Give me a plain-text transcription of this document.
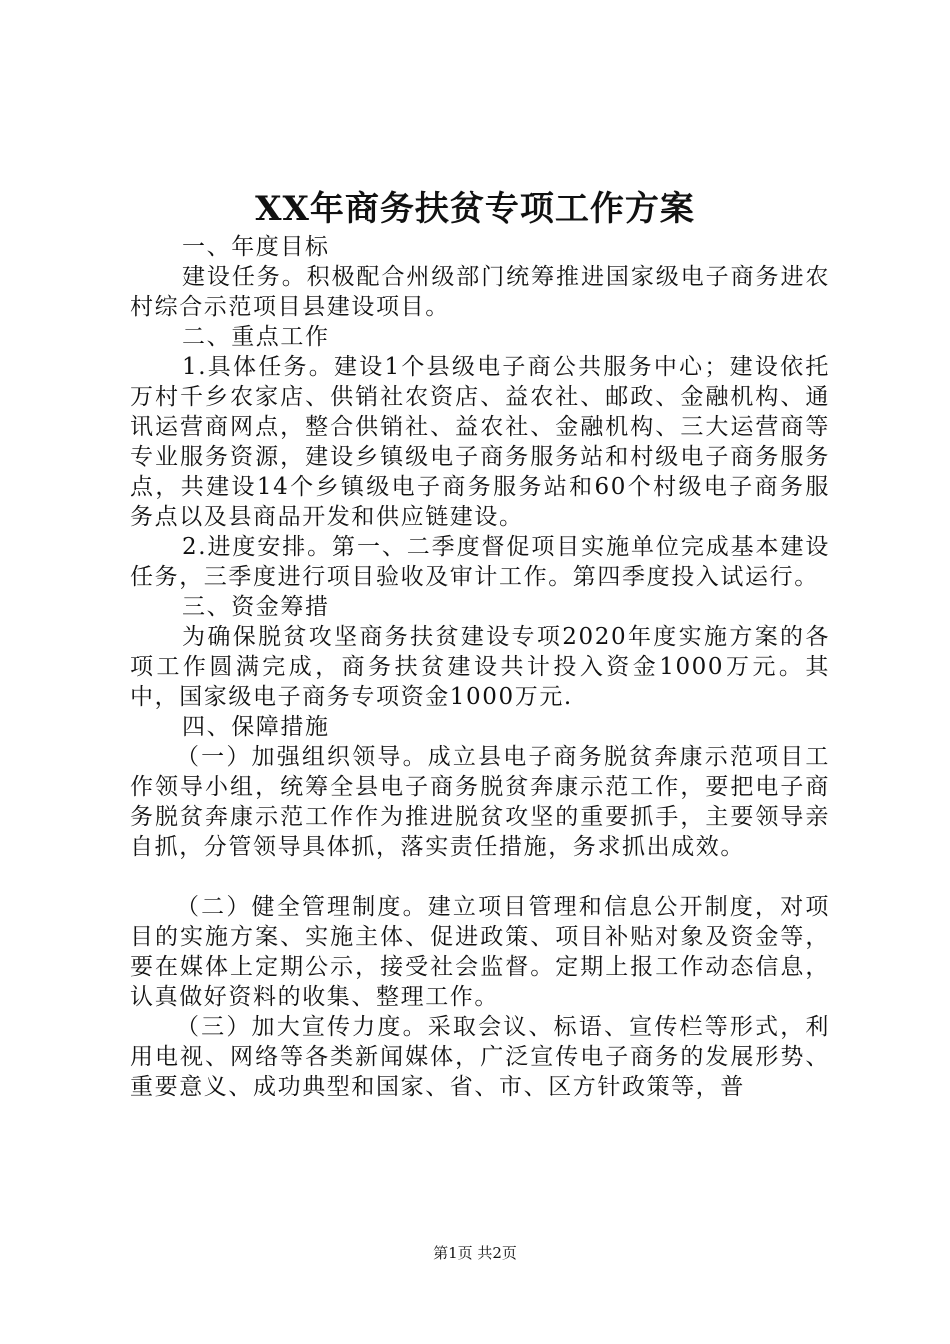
XX年商务扶贫专项工作方案

一、年度目标

建设任务。积极配合州级部门统筹推进国家级电子商务进农村综合示范项目县建设项目。

二、重点工作

1.具体任务。建设1个县级电子商公共服务中心；建设依托万村千乡农家店、供销社农资店、益农社、邮政、金融机构、通讯运营商网点，整合供销社、益农社、金融机构、三大运营商等专业服务资源，建设乡镇级电子商务服务站和村级电子商务服务点，共建设14个乡镇级电子商务服务站和60个村级电子商务服务点以及县商品开发和供应链建设。

2.进度安排。第一、二季度督促项目实施单位完成基本建设任务，三季度进行项目验收及审计工作。第四季度投入试运行。

三、资金筹措

为确保脱贫攻坚商务扶贫建设专项2020年度实施方案的各项工作圆满完成，商务扶贫建设共计投入资金1000万元。其中，国家级电子商务专项资金1000万元.

四、保障措施

（一）加强组织领导。成立县电子商务脱贫奔康示范项目工作领导小组，统筹全县电子商务脱贫奔康示范工作，要把电子商务脱贫奔康示范工作作为推进脱贫攻坚的重要抓手，主要领导亲自抓，分管领导具体抓，落实责任措施，务求抓出成效。

（二）健全管理制度。建立项目管理和信息公开制度，对项目的实施方案、实施主体、促进政策、项目补贴对象及资金等，要在媒体上定期公示，接受社会监督。定期上报工作动态信息，认真做好资料的收集、整理工作。

（三）加大宣传力度。采取会议、标语、宣传栏等形式，利用电视、网络等各类新闻媒体，广泛宣传电子商务的发展形势、重要意义、成功典型和国家、省、市、区方针政策等，普

第1页 共2页
